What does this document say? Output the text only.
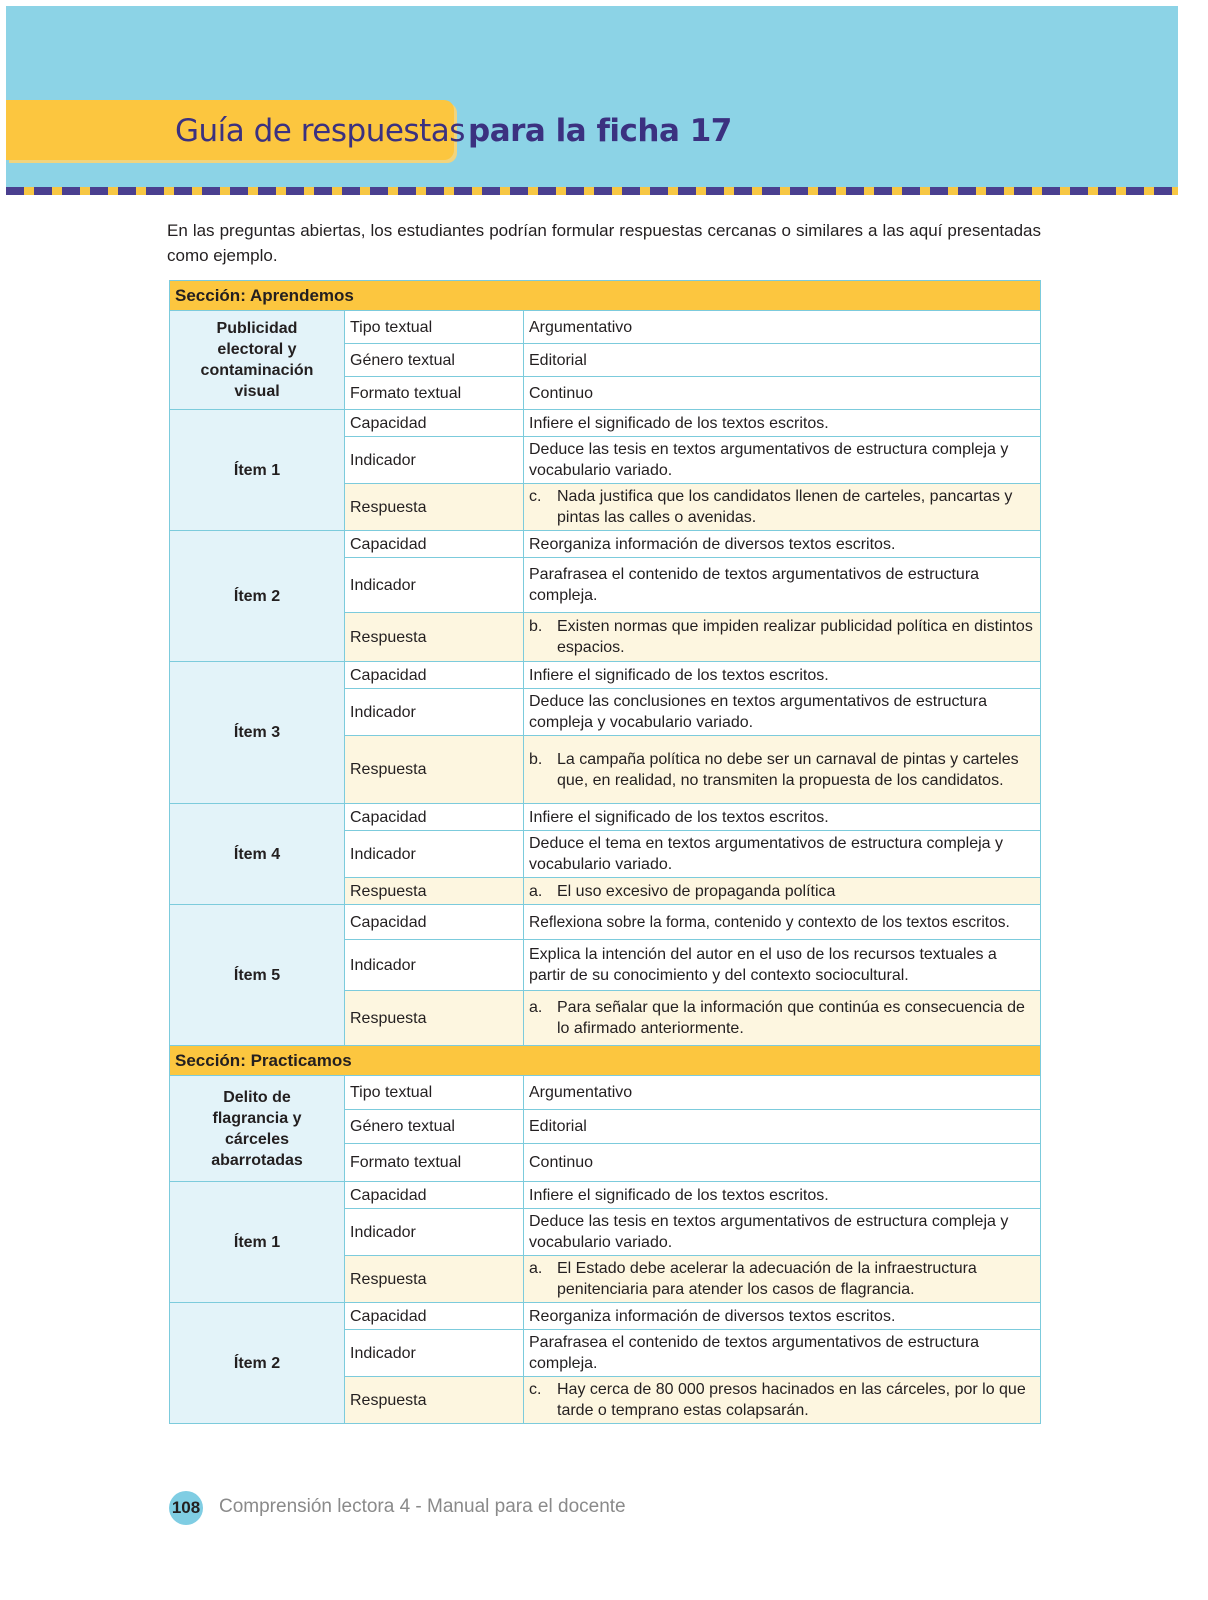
Guía de respuestas para la ficha 17

En las preguntas abiertas, los estudiantes podrían formular respuestas cercanas o similares a las aquí presentadas como ejemplo.

Sección: Aprendemos		
Publicidad electoral y contaminación visual	Tipo textual	Argumentativo
	Género textual	Editorial
	Formato textual	Continuo
Ítem 1	Capacidad	Infiere el significado de los textos escritos.
	Indicador	Deduce las tesis en textos argumentativos de estructura compleja y vocabulario variado.
	Respuesta	c. Nada justifica que los candidatos llenen de carteles, pancartas y pintas las calles o avenidas.

Ítem 2	Capacidad	Reorganiza información de diversos textos escritos.
	Indicador	Parafrasea el contenido de textos argumentativos de estructura compleja.
	Respuesta	b. Existen normas que impiden realizar publicidad política en distintos espacios.

Ítem 3	Capacidad	Infiere el significado de los textos escritos.
	Indicador	Deduce las conclusiones en textos argumentativos de estructura compleja y vocabulario variado.
	Respuesta	b. La campaña política no debe ser un carnaval de pintas y carteles que, en realidad, no transmiten la propuesta de los candidatos.

Ítem 4	Capacidad	Infiere el significado de los textos escritos.
	Indicador	Deduce el tema en textos argumentativos de estructura compleja y vocabulario variado.
	Respuesta	a. El uso excesivo de propaganda política

Ítem 5	Capacidad	Reflexiona sobre la forma, contenido y contexto de los textos escritos.
	Indicador	Explica la intención del autor en el uso de los recursos textuales a partir de su conocimiento y del contexto sociocultural.
	Respuesta	a. Para señalar que la información que continúa es consecuencia de lo afirmado anteriormente.

Sección: Practicamos		
Delito de flagrancia y cárceles abarrotadas	Tipo textual	Argumentativo
	Género textual	Editorial
	Formato textual	Continuo
Ítem 1	Capacidad	Infiere el significado de los textos escritos.
	Indicador	Deduce las tesis en textos argumentativos de estructura compleja y vocabulario variado.
	Respuesta	a. El Estado debe acelerar la adecuación de la infraestructura penitenciaria para atender los casos de flagrancia.

Ítem 2	Capacidad	Reorganiza información de diversos textos escritos.
	Indicador	Parafrasea el contenido de textos argumentativos de estructura compleja.
	Respuesta	c. Hay cerca de 80 000 presos hacinados en las cárceles, por lo que tarde o temprano estas colapsarán.
108 Comprensión lectora 4 - Manual para el docente
